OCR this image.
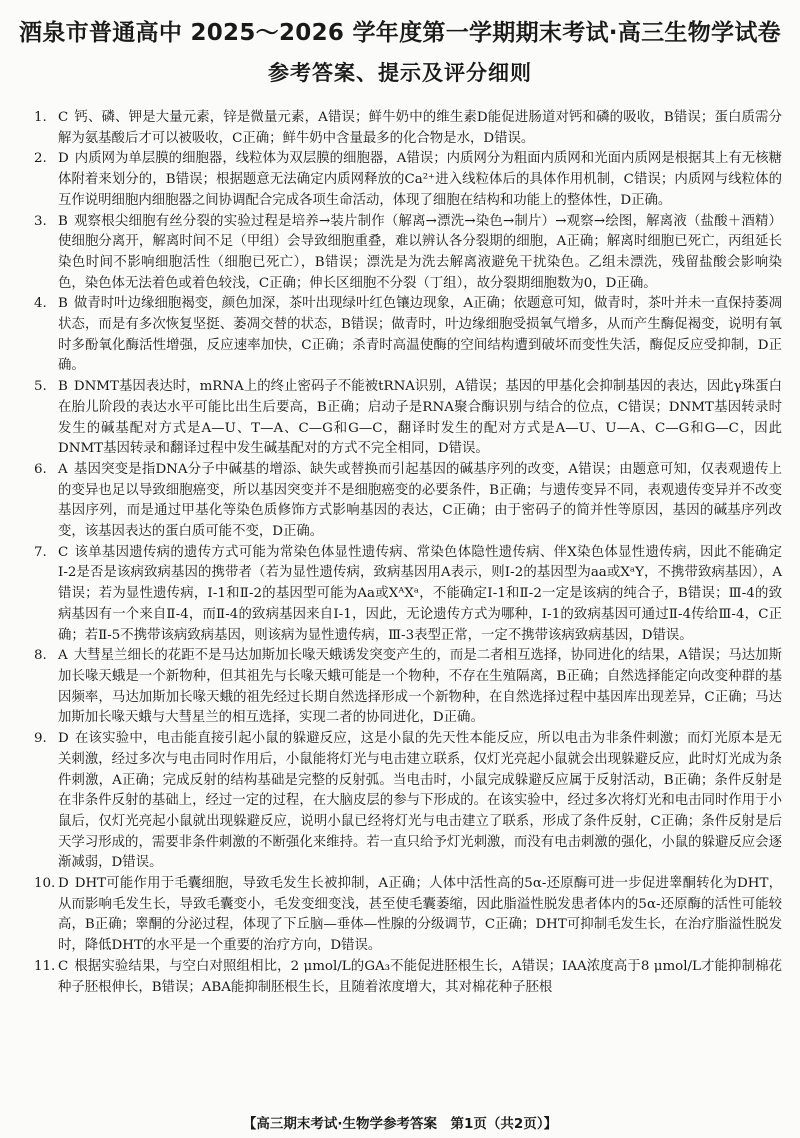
酒泉市普通高中 2025～2026 学年度第一学期期末考试·高三生物学试卷
参考答案、提示及评分细则

1. C 钙、磷、钾是大量元素，锌是微量元素，A错误；鲜牛奶中的维生素D能促进肠道对钙和磷的吸收，B错误；蛋白质需分解为氨基酸后才可以被吸收，C正确；鲜牛奶中含量最多的化合物是水，D错误。

2. D 内质网为单层膜的细胞器，线粒体为双层膜的细胞器，A错误；内质网分为粗面内质网和光面内质网是根据其上有无核糖体附着来划分的，B错误；根据题意无法确定内质网释放的Ca²⁺进入线粒体后的具体作用机制，C错误；内质网与线粒体的互作说明细胞内细胞器之间协调配合完成各项生命活动，体现了细胞在结构和功能上的整体性，D正确。

3. B 观察根尖细胞有丝分裂的实验过程是培养→装片制作（解离→漂洗→染色→制片）→观察→绘图，解离液（盐酸＋酒精）使细胞分离开，解离时间不足（甲组）会导致细胞重叠，难以辨认各分裂期的细胞，A正确；解离时细胞已死亡，丙组延长染色时间不影响细胞活性（细胞已死亡），B错误；漂洗是为洗去解离液避免干扰染色。乙组未漂洗，残留盐酸会影响染色，染色体无法着色或着色较浅，C正确；伸长区细胞不分裂（丁组），故分裂期细胞数为0，D正确。

4. B 做青时叶边缘细胞褐变，颜色加深，茶叶出现绿叶红色镶边现象，A正确；依题意可知，做青时，茶叶并未一直保持萎凋状态，而是有多次恢复坚挺、萎凋交替的状态，B错误；做青时，叶边缘细胞受损氧气增多，从而产生酶促褐变，说明有氧时多酚氧化酶活性增强，反应速率加快，C正确；杀青时高温使酶的空间结构遭到破坏而变性失活，酶促反应受抑制，D正确。

5. B DNMT基因表达时，mRNA上的终止密码子不能被tRNA识别，A错误；基因的甲基化会抑制基因的表达，因此γ珠蛋白在胎儿阶段的表达水平可能比出生后要高，B正确；启动子是RNA聚合酶识别与结合的位点，C错误；DNMT基因转录时发生的碱基配对方式是A—U、T—A、C—G和G—C，翻译时发生的配对方式是A—U、U—A、C—G和G—C，因此DNMT基因转录和翻译过程中发生碱基配对的方式不完全相同，D错误。

6. A 基因突变是指DNA分子中碱基的增添、缺失或替换而引起基因的碱基序列的改变，A错误；由题意可知，仅表观遗传上的变异也足以导致细胞癌变，所以基因突变并不是细胞癌变的必要条件，B正确；与遗传变异不同，表观遗传变异并不改变基因序列，而是通过甲基化等染色质修饰方式影响基因的表达，C正确；由于密码子的简并性等原因，基因的碱基序列改变，该基因表达的蛋白质可能不变，D正确。

7. C 该单基因遗传病的遗传方式可能为常染色体显性遗传病、常染色体隐性遗传病、伴X染色体显性遗传病，因此不能确定Ⅰ-2是否是该病致病基因的携带者（若为显性遗传病，致病基因用A表示，则Ⅰ-2的基因型为aa或XᵃY，不携带致病基因），A错误；若为显性遗传病，Ⅰ-1和Ⅱ-2的基因型可能为Aa或XᴬXᵃ，不能确定Ⅰ-1和Ⅱ-2一定是该病的纯合子，B错误；Ⅲ-4的致病基因有一个来自Ⅱ-4，而Ⅱ-4的致病基因来自Ⅰ-1，因此，无论遗传方式为哪种，Ⅰ-1的致病基因可通过Ⅱ-4传给Ⅲ-4，C正确；若Ⅱ-5不携带该病致病基因，则该病为显性遗传病，Ⅲ-3表型正常，一定不携带该病致病基因，D错误。

8. A 大彗星兰细长的花距不是马达加斯加长喙天蛾诱发突变产生的，而是二者相互选择，协同进化的结果，A错误；马达加斯加长喙天蛾是一个新物种，但其祖先与长喙天蛾可能是一个物种，不存在生殖隔离，B正确；自然选择能定向改变种群的基因频率，马达加斯加长喙天蛾的祖先经过长期自然选择形成一个新物种，在自然选择过程中基因库出现差异，C正确；马达加斯加长喙天蛾与大彗星兰的相互选择，实现二者的协同进化，D正确。

9. D 在该实验中，电击能直接引起小鼠的躲避反应，这是小鼠的先天性本能反应，所以电击为非条件刺激；而灯光原本是无关刺激，经过多次与电击同时作用后，小鼠能将灯光与电击建立联系，仅灯光亮起小鼠就会出现躲避反应，此时灯光成为条件刺激，A正确；完成反射的结构基础是完整的反射弧。当电击时，小鼠完成躲避反应属于反射活动，B正确；条件反射是在非条件反射的基础上，经过一定的过程，在大脑皮层的参与下形成的。在该实验中，经过多次将灯光和电击同时作用于小鼠后，仅灯光亮起小鼠就出现躲避反应，说明小鼠已经将灯光与电击建立了联系，形成了条件反射，C正确；条件反射是后天学习形成的，需要非条件刺激的不断强化来维持。若一直只给予灯光刺激，而没有电击刺激的强化，小鼠的躲避反应会逐渐减弱，D错误。

10. D DHT可能作用于毛囊细胞，导致毛发生长被抑制，A正确；人体中活性高的5α-还原酶可进一步促进睾酮转化为DHT，从而影响毛发生长，导致毛囊变小，毛发变细变浅，甚至使毛囊萎缩，因此脂溢性脱发患者体内的5α-还原酶的活性可能较高，B正确；睾酮的分泌过程，体现了下丘脑—垂体—性腺的分级调节，C正确；DHT可抑制毛发生长，在治疗脂溢性脱发时，降低DHT的水平是一个重要的治疗方向，D错误。

11. C 根据实验结果，与空白对照组相比，2 μmol/L的GA₃不能促进胚根生长，A错误；IAA浓度高于8 μmol/L才能抑制棉花种子胚根伸长，B错误；ABA能抑制胚根生长，且随着浓度增大，其对棉花种子胚根

【高三期末考试·生物学参考答案　第1页（共2页）】
